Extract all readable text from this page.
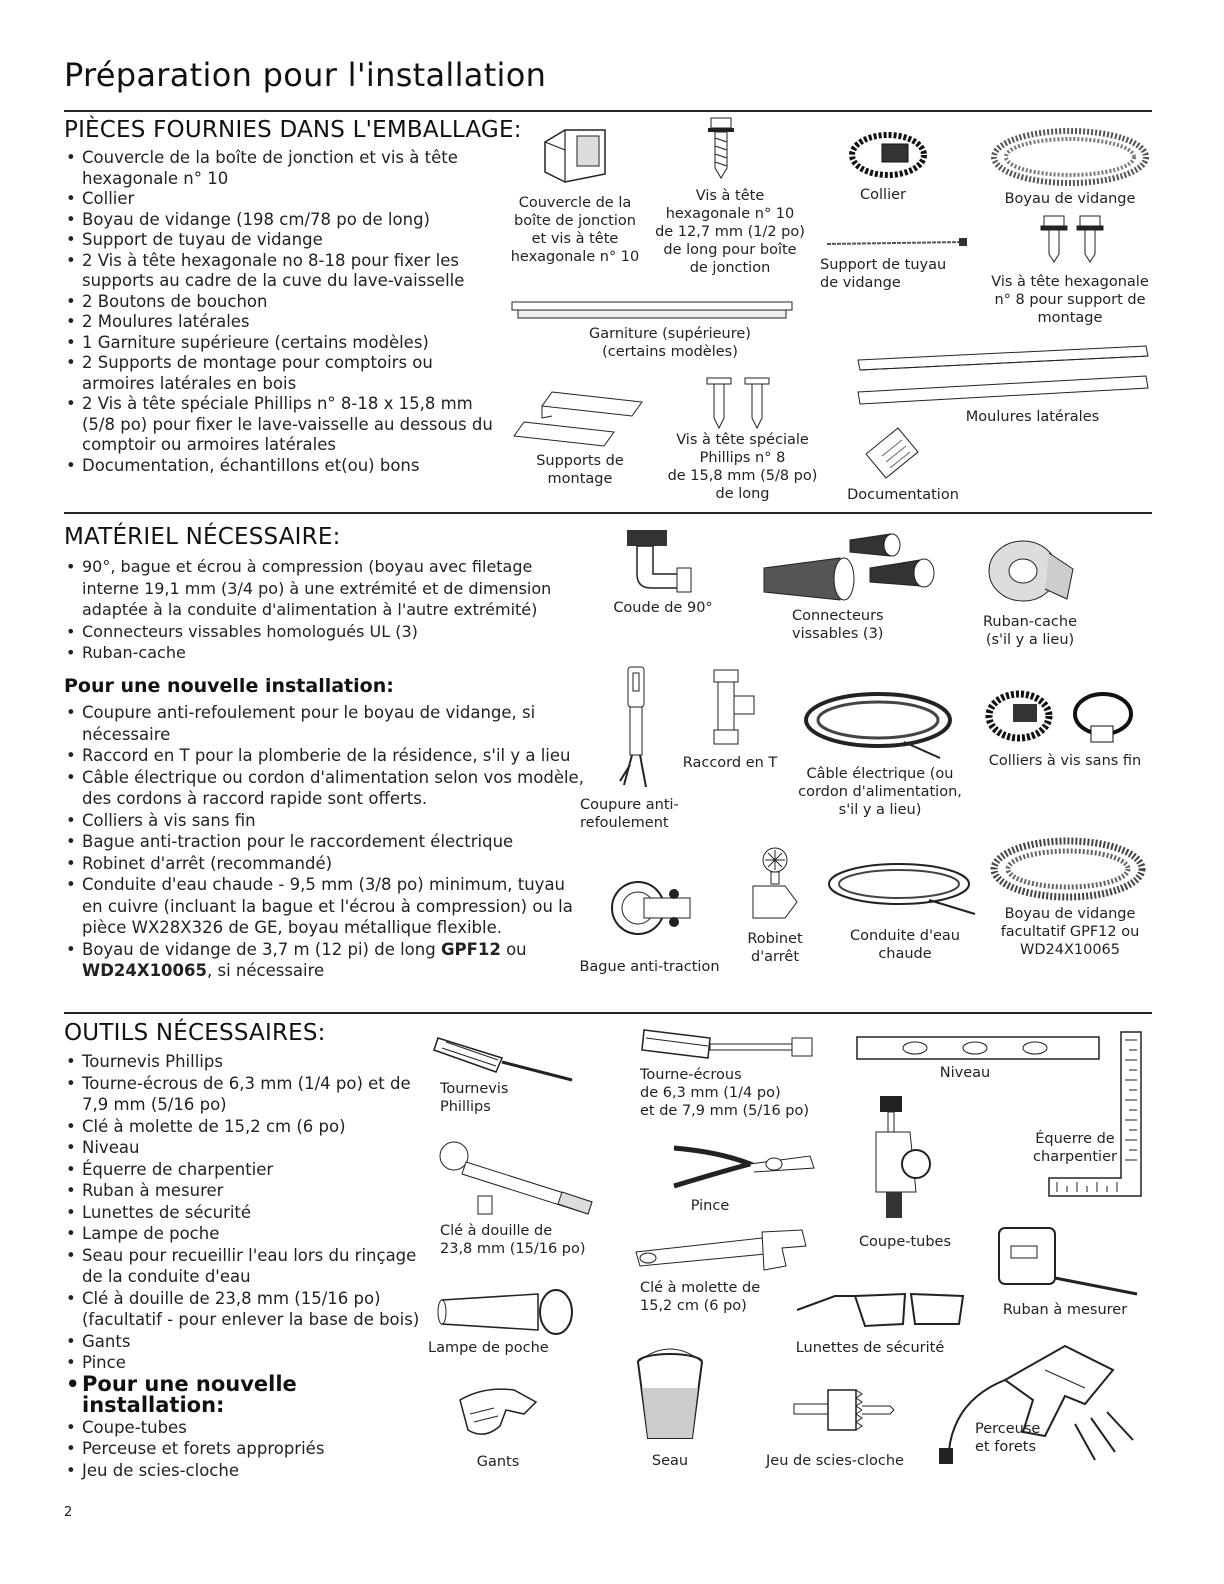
Préparation pour l'installation
PIÈCES FOURNIES DANS L'EMBALLAGE:
• Couvercle de la boîte de jonction et vis à tête hexagonale n° 10
• Collier
• Boyau de vidange (198 cm/78 po de long)
• Support de tuyau de vidange
• 2 Vis à tête hexagonale no 8-18 pour fixer les supports au cadre de la cuve du lave-vaisselle
• 2 Boutons de bouchon
• 2 Moulures latérales
• 1 Garniture supérieure (certains modèles)
• 2 Supports de montage pour comptoirs ou armoires latérales en bois
• 2 Vis à tête spéciale Phillips n° 8-18 x 15,8 mm (5/8 po) pour fixer le lave-vaisselle au dessous du comptoir ou armoires latérales
• Documentation, échantillons et(ou) bons
Couvercle de la
boîte de jonction
et vis à tête
hexagonale n° 10
Vis à tête
hexagonale n° 10
de 12,7 mm (1/2 po)
de long pour boîte
de jonction
Collier	Boyau de vidange
Support de tuyau
de vidange	Vis à tête hexagonale
n° 8 pour support de
montage
Garniture (supérieure)
(certains modèles)
Moulures latérales
Supports de
montage
Vis à tête spéciale
Phillips n° 8
de 15,8 mm (5/8 po)
de long	Documentation
MATÉRIEL NÉCESSAIRE:
• 90°, bague et écrou à compression (boyau avec filetage interne 19,1 mm (3/4 po) à une extrémité et de dimension adaptée à la conduite d'alimentation à l'autre extrémité)
• Connecteurs vissables homologués UL (3)
• Ruban-cache
Pour une nouvelle installation:
• Coupure anti-refoulement pour le boyau de vidange, si nécessaire
• Raccord en T pour la plomberie de la résidence, s'il y a lieu
• Câble électrique ou cordon d'alimentation selon vos modèle, des cordons à raccord rapide sont offerts.
• Colliers à vis sans fin
• Bague anti-traction pour le raccordement électrique
• Robinet d'arrêt (recommandé)
• Conduite d'eau chaude - 9,5 mm (3/8 po) minimum, tuyau en cuivre (incluant la bague et l'écrou à compression) ou la pièce WX28X326 de GE, boyau métallique flexible.
• Boyau de vidange de 3,7 m (12 pi) de long GPF12 ou WD24X10065, si nécessaire
Coude de 90°	Connecteurs
vissables (3)
Ruban-cache
(s'il y a lieu)
Coupure anti-
refoulement
Raccord en T
Câble électrique (ou
cordon d'alimentation,
s'il y a lieu)
Colliers à vis sans fin
Bague anti-traction
Robinet
d'arrêt
Conduite d'eau
chaude
Boyau de vidange
facultatif GPF12 ou
WD24X10065
OUTILS NÉCESSAIRES:
• Tournevis Phillips
• Tourne-écrous de 6,3 mm (1/4 po) et de 7,9 mm (5/16 po)
• Clé à molette de 15,2 cm (6 po)
• Niveau
• Équerre de charpentier
• Ruban à mesurer
• Lunettes de sécurité
• Lampe de poche
• Seau pour recueillir l'eau lors du rinçage de la conduite d'eau
• Clé à douille de 23,8 mm (15/16 po) (facultatif - pour enlever la base de bois)
• Gants
• Pince
• Pour une nouvelle installation:
• Coupe-tubes
• Perceuse et forets appropriés
• Jeu de scies-cloche
Tournevis
Phillips
Tourne-écrous
de 6,3 mm (1/4 po)
et de 7,9 mm (5/16 po)
Niveau
Équerre de
charpentier
Clé à douille de
23,8 mm (15/16 po)
Pince
Coupe-tubes
Ruban à mesurer
Clé à molette de
15,2 cm (6 po)
Lampe de poche	Lunettes de sécurité
Gants	Seau	Jeu de scies-cloche
Perceuse
et forets
2
